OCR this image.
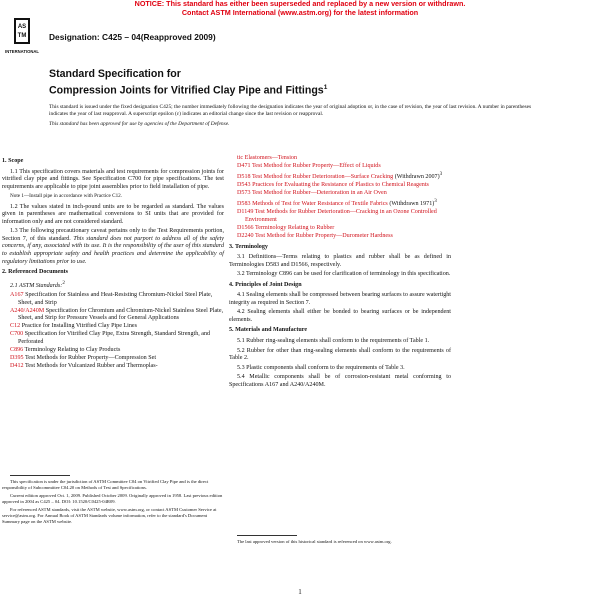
NOTICE: This standard has either been superseded and replaced by a new version or withdrawn.
Contact ASTM International (www.astm.org) for the latest information
AS
TM
INTERNATIONAL
Designation: C425 – 04(Reapproved 2009)
Standard Specification for
Compression Joints for Vitrified Clay Pipe and Fittings$^1$

This standard is issued under the fixed designation C425; the number immediately following the designation indicates the year of original adoption or, in the case of revision, the year of last revision. A number in parentheses indicates the year of last reapproval. A superscript epsilon (ε) indicates an editorial change since the last revision or reapproval.

This standard has been approved for use by agencies of the Department of Defense.

1. Scope
1.1 This specification covers materials and test requirements for compression joints for vitrified clay pipe and fittings. See Specification C700 for pipe specifications. The test requirements are applicable to pipe joint assemblies prior to field installation of pipe.
Note 1—Install pipe in accordance with Practice C12.
1.2 The values stated in inch-pound units are to be regarded as standard. The values given in parentheses are mathematical conversions to SI units that are provided for information only and are not considered standard.
1.3 The following precautionary caveat pertains only to the Test Requirements portion, Section 7, of this standard. This standard does not purport to address all of the safety concerns, if any, associated with its use. It is the responsibility of the user of this standard to establish appropriate safety and health practices and determine the applicability of regulatory limitations prior to use.
2. Referenced Documents
2.1 ASTM Standards:$^2$
A167 Specification for Stainless and Heat-Resisting Chromium-Nickel Steel Plate, Sheet, and Strip
A240/A240M Specification for Chromium and Chromium-Nickel Stainless Steel Plate, Sheet, and Strip for Pressure Vessels and for General Applications
C12 Practice for Installing Vitrified Clay Pipe Lines
C700 Specification for Vitrified Clay Pipe, Extra Strength, Standard Strength, and Perforated
C896 Terminology Relating to Clay Products
D395 Test Methods for Rubber Property—Compression Set
D412 Test Methods for Vulcanized Rubber and Thermoplas-

This specification is under the jurisdiction of ASTM Committee C04 on Vitrified Clay Pipe and is the direct responsibility of Subcommittee C04.20 on Methods of Test and Specifications.

Current edition approved Oct. 1, 2009. Published October 2009. Originally approved in 1958. Last previous edition approved in 2004 as C425 – 04. DOI: 10.1520/C0425-04R09.

For referenced ASTM standards, visit the ASTM website, www.astm.org, or contact ASTM Customer Service at service@astm.org. For Annual Book of ASTM Standards volume information, refer to the standard's Document Summary page on the ASTM website.

tic Elastomers—Tension
D471 Test Method for Rubber Property—Effect of Liquids
D518 Test Method for Rubber Deterioration—Surface Cracking (Withdrawn 2007)$^3$
D543 Practices for Evaluating the Resistance of Plastics to Chemical Reagents
D573 Test Method for Rubber—Deterioration in an Air Oven
D583 Methods of Test for Water Resistance of Textile Fabrics (Withdrawn 1971)$^3$
D1149 Test Methods for Rubber Deterioration—Cracking in an Ozone Controlled Environment
D1566 Terminology Relating to Rubber
D2240 Test Method for Rubber Property—Durometer Hardness
3. Terminology
3.1 Definitions—Terms relating to plastics and rubber shall be as defined in Terminologies D583 and D1566, respectively.
3.2 Terminology C896 can be used for clarification of terminology in this specification.
4. Principles of Joint Design
4.1 Sealing elements shall be compressed between bearing surfaces to assure watertight integrity as required in Section 7.
4.2 Sealing elements shall either be bonded to bearing surfaces or be independent elements.
5. Materials and Manufacture
5.1 Rubber ring-sealing elements shall conform to the requirements of Table 1.
5.2 Rubber for other than ring-sealing elements shall conform to the requirements of Table 2.
5.3 Plastic components shall conform to the requirements of Table 3.
5.4 Metallic components shall be of corrosion-resistant metal conforming to Specifications A167 and A240/A240M.

The last approved version of this historical standard is referenced on www.astm.org.

1
